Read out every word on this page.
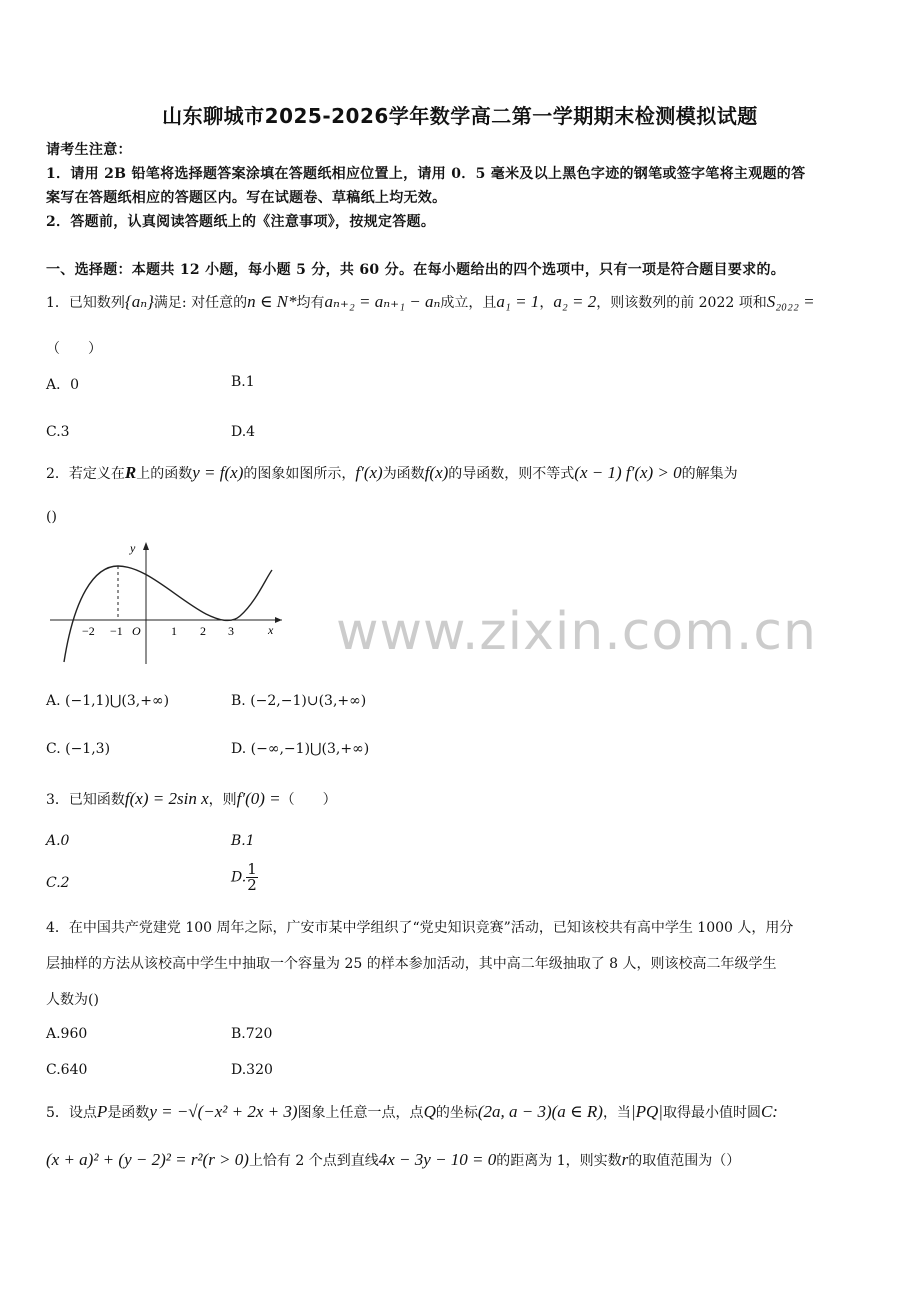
山东聊城市2025-2026学年数学高二第一学期期末检测模拟试题
请考生注意：
1．请用 2B 铅笔将选择题答案涂填在答题纸相应位置上，请用 0．5 毫米及以上黑色字迹的钢笔或签字笔将主观题的答
案写在答题纸相应的答题区内。写在试题卷、草稿纸上均无效。
2．答题前，认真阅读答题纸上的《注意事项》，按规定答题。
一、选择题：本题共 12 小题，每小题 5 分，共 60 分。在每小题给出的四个选项中，只有一项是符合题目要求的。
1．已知数列{aₙ}满足: 对任意的n ∈ N*均有aₙ₊₂ = aₙ₊₁ − aₙ成立，且a₁ = 1，a₂ = 2，则该数列的前 2022 项和S₂₀₂₂ =
（　　）
A．0	B.1
C.3	D.4
2．若定义在R上的函数y = f(x)的图象如图所示，f′(x)为函数f(x)的导函数，则不等式(x − 1) f′(x) > 0的解集为
()
y
x
O
−2 −1	1 2 3 www.zixin.com.cn
A. (−1,1)⋃(3,+∞)	B. (−2,−1)∪(3,+∞)
C. (−1,3)	D. (−∞,−1)⋃(3,+∞)
3．已知函数f(x) = 2sin x，则f′(0) =（　　）
A.0	B.1
C.2	D. $\frac{1}{2}$
4．在中国共产党建党 100 周年之际，广安市某中学组织了“党史知识竞赛”活动，已知该校共有高中学生 1000 人，用分
层抽样的方法从该校高中学生中抽取一个容量为 25 的样本参加活动，其中高二年级抽取了 8 人，则该校高二年级学生
人数为()
A.960	B.720
C.640	D.320
5．设点P是函数y = −√(−x² + 2x + 3)图象上任意一点，点Q的坐标(2a, a − 3)(a ∈ R)，当|PQ|取得最小值时圆C:
(x + a)² + (y − 2)² = r²(r > 0)上恰有 2 个点到直线4x − 3y − 10 = 0的距离为 1，则实数r的取值范围为（）
